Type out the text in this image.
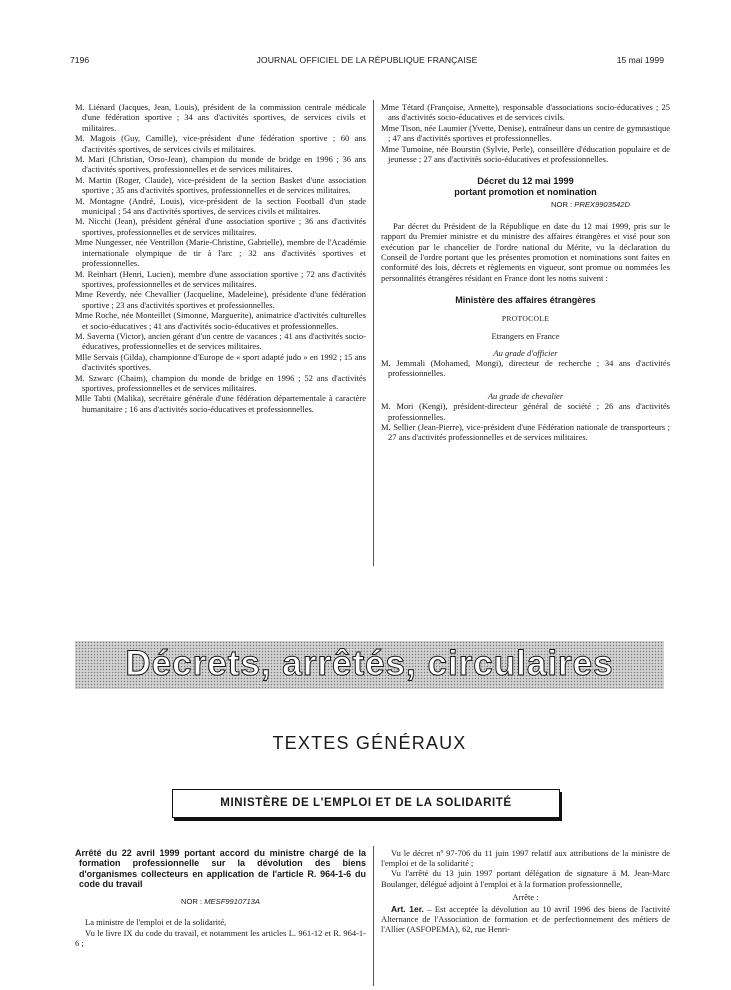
7196	JOURNAL OFFICIEL DE LA RÉPUBLIQUE FRANÇAISE	15 mai 1999

M. Liénard (Jacques, Jean, Louis), président de la commission centrale médicale d'une fédération sportive ; 34 ans d'activités sportives, de services civils et militaires.

M. Magois (Guy, Camille), vice-président d'une fédération sportive ; 60 ans d'activités sportives, de services civils et militaires.

M. Mari (Christian, Orso-Jean), champion du monde de bridge en 1996 ; 36 ans d'activités sportives, professionnelles et de services militaires.

M. Martin (Roger, Claude), vice-président de la section Basket d'une association sportive ; 35 ans d'activités sportives, professionnelles et de services militaires.

M. Montagne (André, Louis), vice-président de la section Football d'un stade municipal ; 54 ans d'activités sportives, de services civils et militaires.

M. Nicchi (Jean), président général d'une association sportive ; 36 ans d'activités sportives, professionnelles et de services militaires.

Mme Nungesser, née Ventrillon (Marie-Christine, Gabrielle), membre de l'Académie internationale olympique de tir à l'arc ; 32 ans d'activités sportives et professionnelles.

M. Reinhart (Henri, Lucien), membre d'une association sportive ; 72 ans d'activités sportives, professionnelles et de services militaires.

Mme Reverdy, née Chevallier (Jacqueline, Madeleine), présidente d'une fédération sportive ; 23 ans d'activités sportives et professionnelles.

Mme Roche, née Monteillet (Simonne, Marguerite), animatrice d'activités culturelles et socio-éducatives ; 41 ans d'activités socio-éducatives et professionnelles.

M. Saverna (Victor), ancien gérant d'un centre de vacances ; 41 ans d'activités socio-éducatives, professionnelles et de services militaires.

Mlle Servais (Gilda), championne d'Europe de « sport adapté judo » en 1992 ; 15 ans d'activités sportives.

M. Szwarc (Chaim), champion du monde de bridge en 1996 ; 52 ans d'activités sportives, professionnelles et de services militaires.

Mlle Tabti (Malika), secrétaire générale d'une fédération départementale à caractère humanitaire ; 16 ans d'activités socio-éducatives et professionnelles.

Mme Tétard (Françoise, Annette), responsable d'associations socio-éducatives ; 25 ans d'activités socio-éducatives et de services civils.

Mme Tison, née Laumier (Yvette, Denise), entraîneur dans un centre de gymnastique ; 47 ans d'activités sportives et professionnelles.

Mme Tumoine, née Bourstin (Sylvie, Perle), conseillère d'éducation populaire et de jeunesse ; 27 ans d'activités socio-éducatives et professionnelles.

Décret du 12 mai 1999
portant promotion et nomination
NOR : PREX9903542D

Par décret du Président de la République en date du 12 mai 1999, pris sur le rapport du Premier ministre et du ministre des affaires étrangères et visé pour son exécution par le chancelier de l'ordre national du Mérite, vu la déclaration du Conseil de l'ordre portant que les présentes promotion et nominations sont faites en conformité des lois, décrets et règlements en vigueur, sont promue ou nommées les personnalités étrangères résidant en France dont les noms suivent :

Ministère des affaires étrangères
PROTOCOLE
Etrangers en France
Au grade d'officier

M. Jemmali (Mohamed, Mongi), directeur de recherche ; 34 ans d'activités professionnelles.

Au grade de chevalier

M. Mori (Kengi), président-directeur général de société ; 26 ans d'activités professionnelles.

M. Sellier (Jean-Pierre), vice-président d'une Fédération nationale de transporteurs ; 27 ans d'activités professionnelles et de services militaires.

Décrets, arrêtés, circulaires
TEXTES GÉNÉRAUX
MINISTÈRE DE L'EMPLOI ET DE LA SOLIDARITÉ
Arrêté du 22 avril 1999 portant accord du ministre chargé de la formation professionnelle sur la dévolution des biens d'organismes collecteurs en application de l'article R. 964-1-6 du code du travail
NOR : MESF9910713A

La ministre de l'emploi et de la solidarité,

Vu le livre IX du code du travail, et notamment les articles L. 961-12 et R. 964-1-6 ;

Vu le décret nº 97-706 du 11 juin 1997 relatif aux attributions de la ministre de l'emploi et de la solidarité ;

Vu l'arrêté du 13 juin 1997 portant délégation de signature à M. Jean-Marc Boulanger, délégué adjoint à l'emploi et à la formation professionnelle,

Arrête :

Art. 1er. – Est acceptée la dévolution au 10 avril 1996 des biens de l'activité Alternance de l'Association de formation et de perfectionnement des métiers de l'Allier (ASFOPEMA), 62, rue Henri-
